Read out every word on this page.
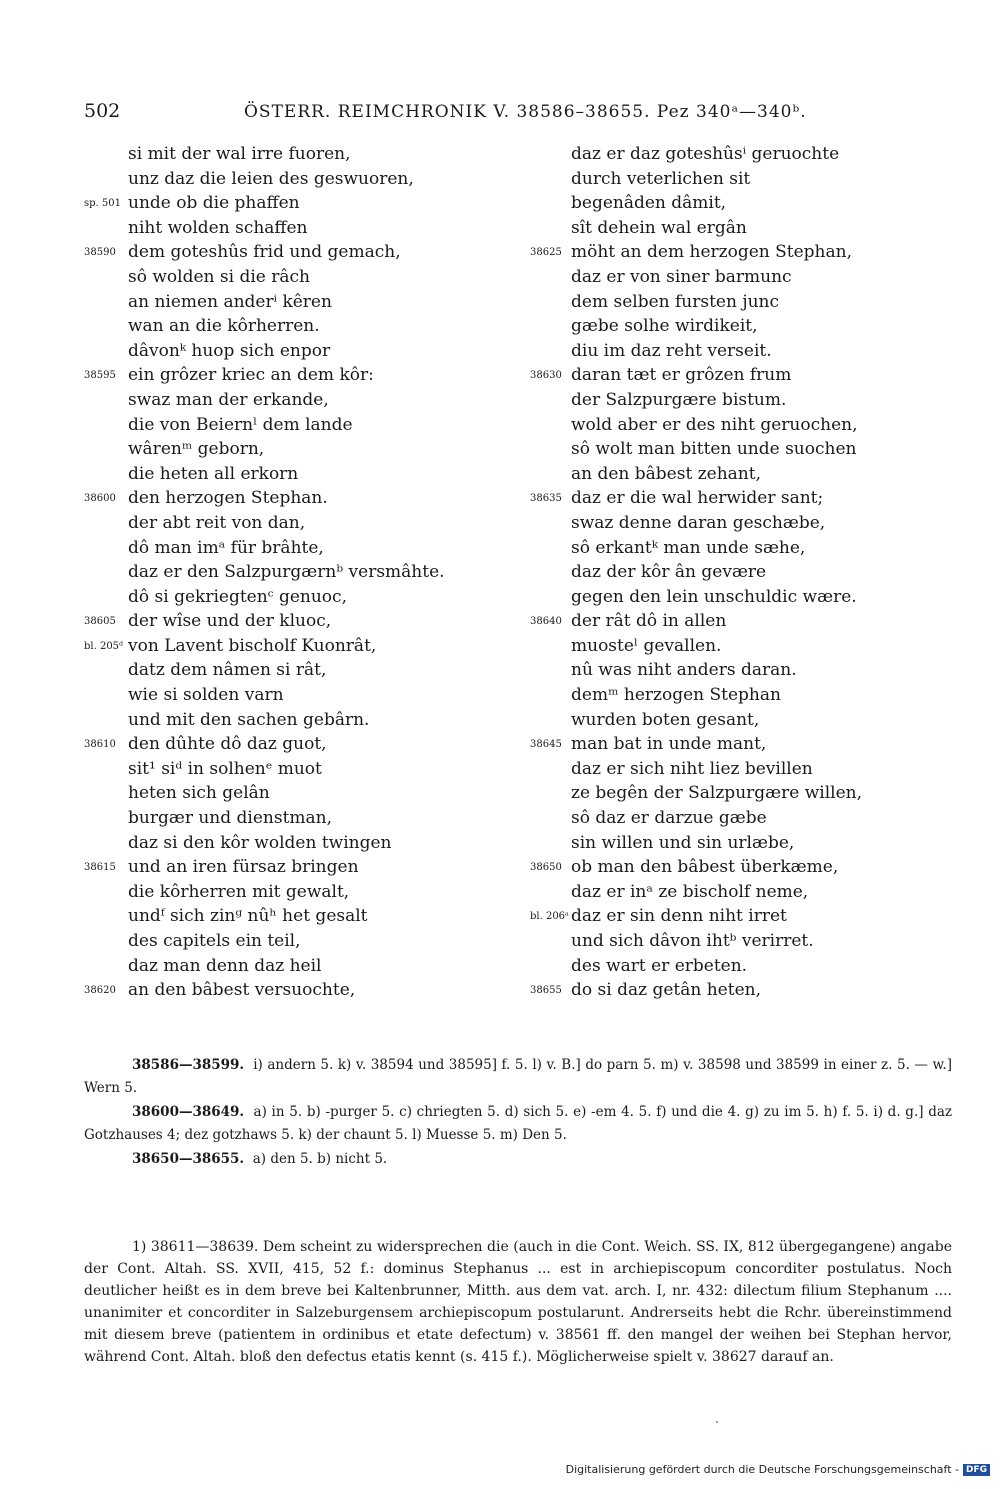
502	ÖSTERR. REIMCHRONIK V. 38586–38655. Pez 340ᵃ—340ᵇ.
si mit der wal irre fuoren,
unz daz die leien des geswuoren,
sp. 501 unde ob die phaffen
niht wolden schaffen
38590 dem goteshûs frid und gemach,
sô wolden si die râch
an niemen anderⁱ kêren
wan an die kôrherren.
dâvonᵏ huop sich enpor
38595 ein grôzer kriec an dem kôr:
swaz man der erkande,
die von Beiernˡ dem lande
wârenᵐ geborn,
die heten all erkorn
38600 den herzogen Stephan.
der abt reit von dan,
dô man imᵃ für brâhte,
daz er den Salzpurgærnᵇ versmâhte.
dô si gekriegtenᶜ genuoc,
38605 der wîse und der kluoc,
bl. 205ᵈ von Lavent bischolf Kuonrât,
datz dem nâmen si rât,
wie si solden varn
und mit den sachen gebârn.
38610 den dûhte dô daz guot,
sit¹ siᵈ in solhenᵉ muot
heten sich gelân
burgær und dienstman,
daz si den kôr wolden twingen
38615 und an iren fürsaz bringen
die kôrherren mit gewalt,
undᶠ sich zinᵍ nûʰ het gesalt
des capitels ein teil,
daz man denn daz heil
38620 an den bâbest versuochte,
daz er daz goteshûsⁱ geruochte
durch veterlichen sit
begenâden dâmit,
sît dehein wal ergân
38625 möht an dem herzogen Stephan,
daz er von siner barmunc
dem selben fursten junc
gæbe solhe wirdikeit,
diu im daz reht verseit.
38630 daran tæt er grôzen frum
der Salzpurgære bistum.
wold aber er des niht geruochen,
sô wolt man bitten unde suochen
an den bâbest zehant,
38635 daz er die wal herwider sant;
swaz denne daran geschæbe,
sô erkantᵏ man unde sæhe,
daz der kôr ân gevære
gegen den lein unschuldic wære.
38640 der rât dô in allen
muosteˡ gevallen.
nû was niht anders daran.
demᵐ herzogen Stephan
wurden boten gesant,
38645 man bat in unde mant,
daz er sich niht liez bevillen
ze begên der Salzpurgære willen,
sô daz er darzue gæbe
sin willen und sin urlæbe,
38650 ob man den bâbest überkæme,
daz er inᵃ ze bischolf neme,
bl. 206ᵃ daz er sin denn niht irret
und sich dâvon ihtᵇ verirret.
des wart er erbeten.
38655 do si daz getân heten,

38586—38599. i) andern 5. k) v. 38594 und 38595] f. 5. l) v. B.] do parn 5. m) v. 38598 und 38599 in einer z. 5. — w.] Wern 5.

38600—38649. a) in 5. b) -purger 5. c) chriegten 5. d) sich 5. e) -em 4. 5. f) und die 4. g) zu im 5. h) f. 5. i) d. g.] daz Gotzhauses 4; dez gotzhaws 5. k) der chaunt 5. l) Muesse 5. m) Den 5.

38650—38655. a) den 5. b) nicht 5.

1) 38611—38639. Dem scheint zu widersprechen die (auch in die Cont. Weich. SS. IX, 812 übergegangene) angabe der Cont. Altah. SS. XVII, 415, 52 f.: dominus Stephanus ... est in archiepiscopum concorditer postulatus. Noch deutlicher heißt es in dem breve bei Kaltenbrunner, Mitth. aus dem vat. arch. I, nr. 432: dilectum filium Stephanum .... unanimiter et concorditer in Salzeburgensem archiepiscopum postularunt. Andrerseits hebt die Rchr. übereinstimmend mit diesem breve (patientem in ordinibus et etate defectum) v. 38561 ff. den mangel der weihen bei Stephan hervor, während Cont. Altah. bloß den defectus etatis kennt (s. 415 f.). Möglicherweise spielt v. 38627 darauf an.

Digitalisierung gefördert durch die Deutsche Forschungsgemeinschaft - DFG
